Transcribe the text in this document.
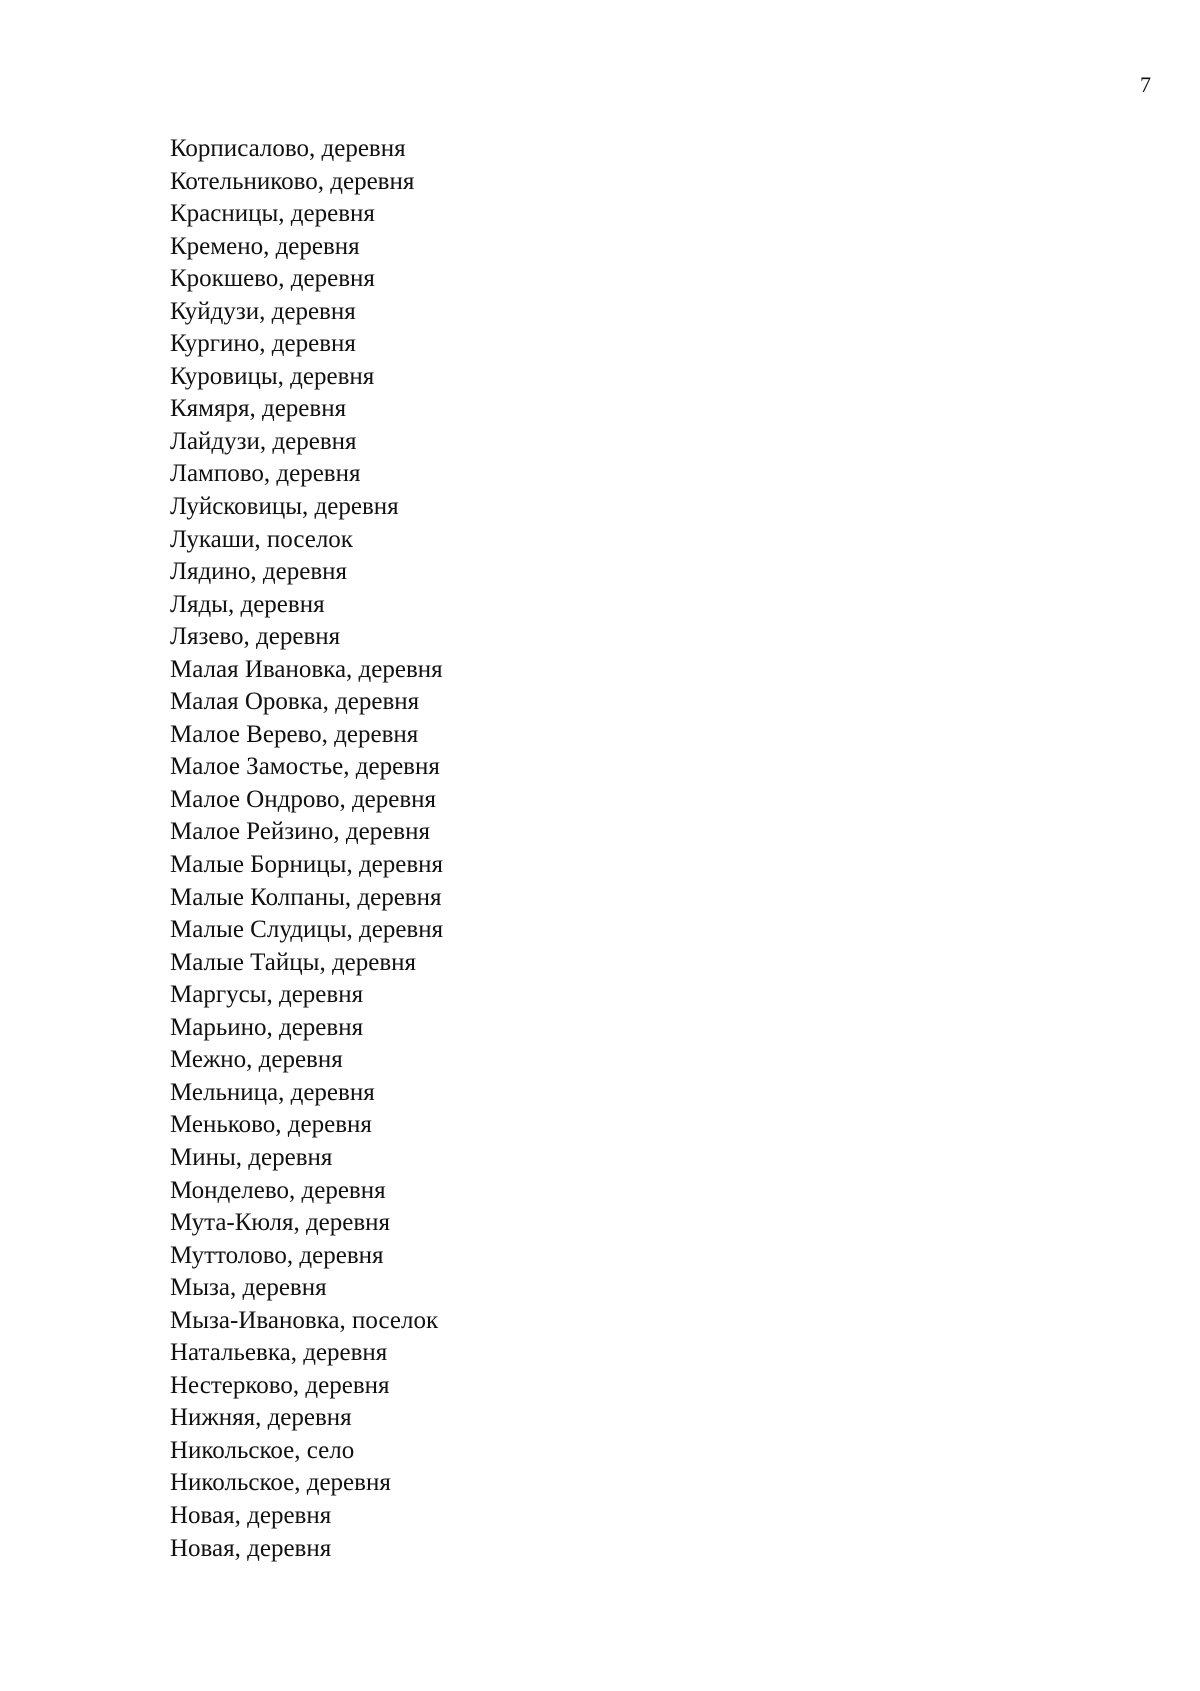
7
Корписалово, деревня
Котельниково, деревня
Красницы, деревня
Кремено, деревня
Крокшево, деревня
Куйдузи, деревня
Кургино, деревня
Куровицы, деревня
Кямяря, деревня
Лайдузи, деревня
Лампово, деревня
Луйсковицы, деревня
Лукаши, поселок
Лядино, деревня
Ляды, деревня
Лязево, деревня
Малая Ивановка, деревня
Малая Оровка, деревня
Малое Верево, деревня
Малое Замостье, деревня
Малое Ондрово, деревня
Малое Рейзино, деревня
Малые Борницы, деревня
Малые Колпаны, деревня
Малые Слудицы, деревня
Малые Тайцы, деревня
Маргусы, деревня
Марьино, деревня
Межно, деревня
Мельница, деревня
Меньково, деревня
Мины, деревня
Монделево, деревня
Мута-Кюля, деревня
Муттолово, деревня
Мыза, деревня
Мыза-Ивановка, поселок
Натальевка, деревня
Нестерково, деревня
Нижняя, деревня
Никольское, село
Никольское, деревня
Новая, деревня
Новая, деревня
